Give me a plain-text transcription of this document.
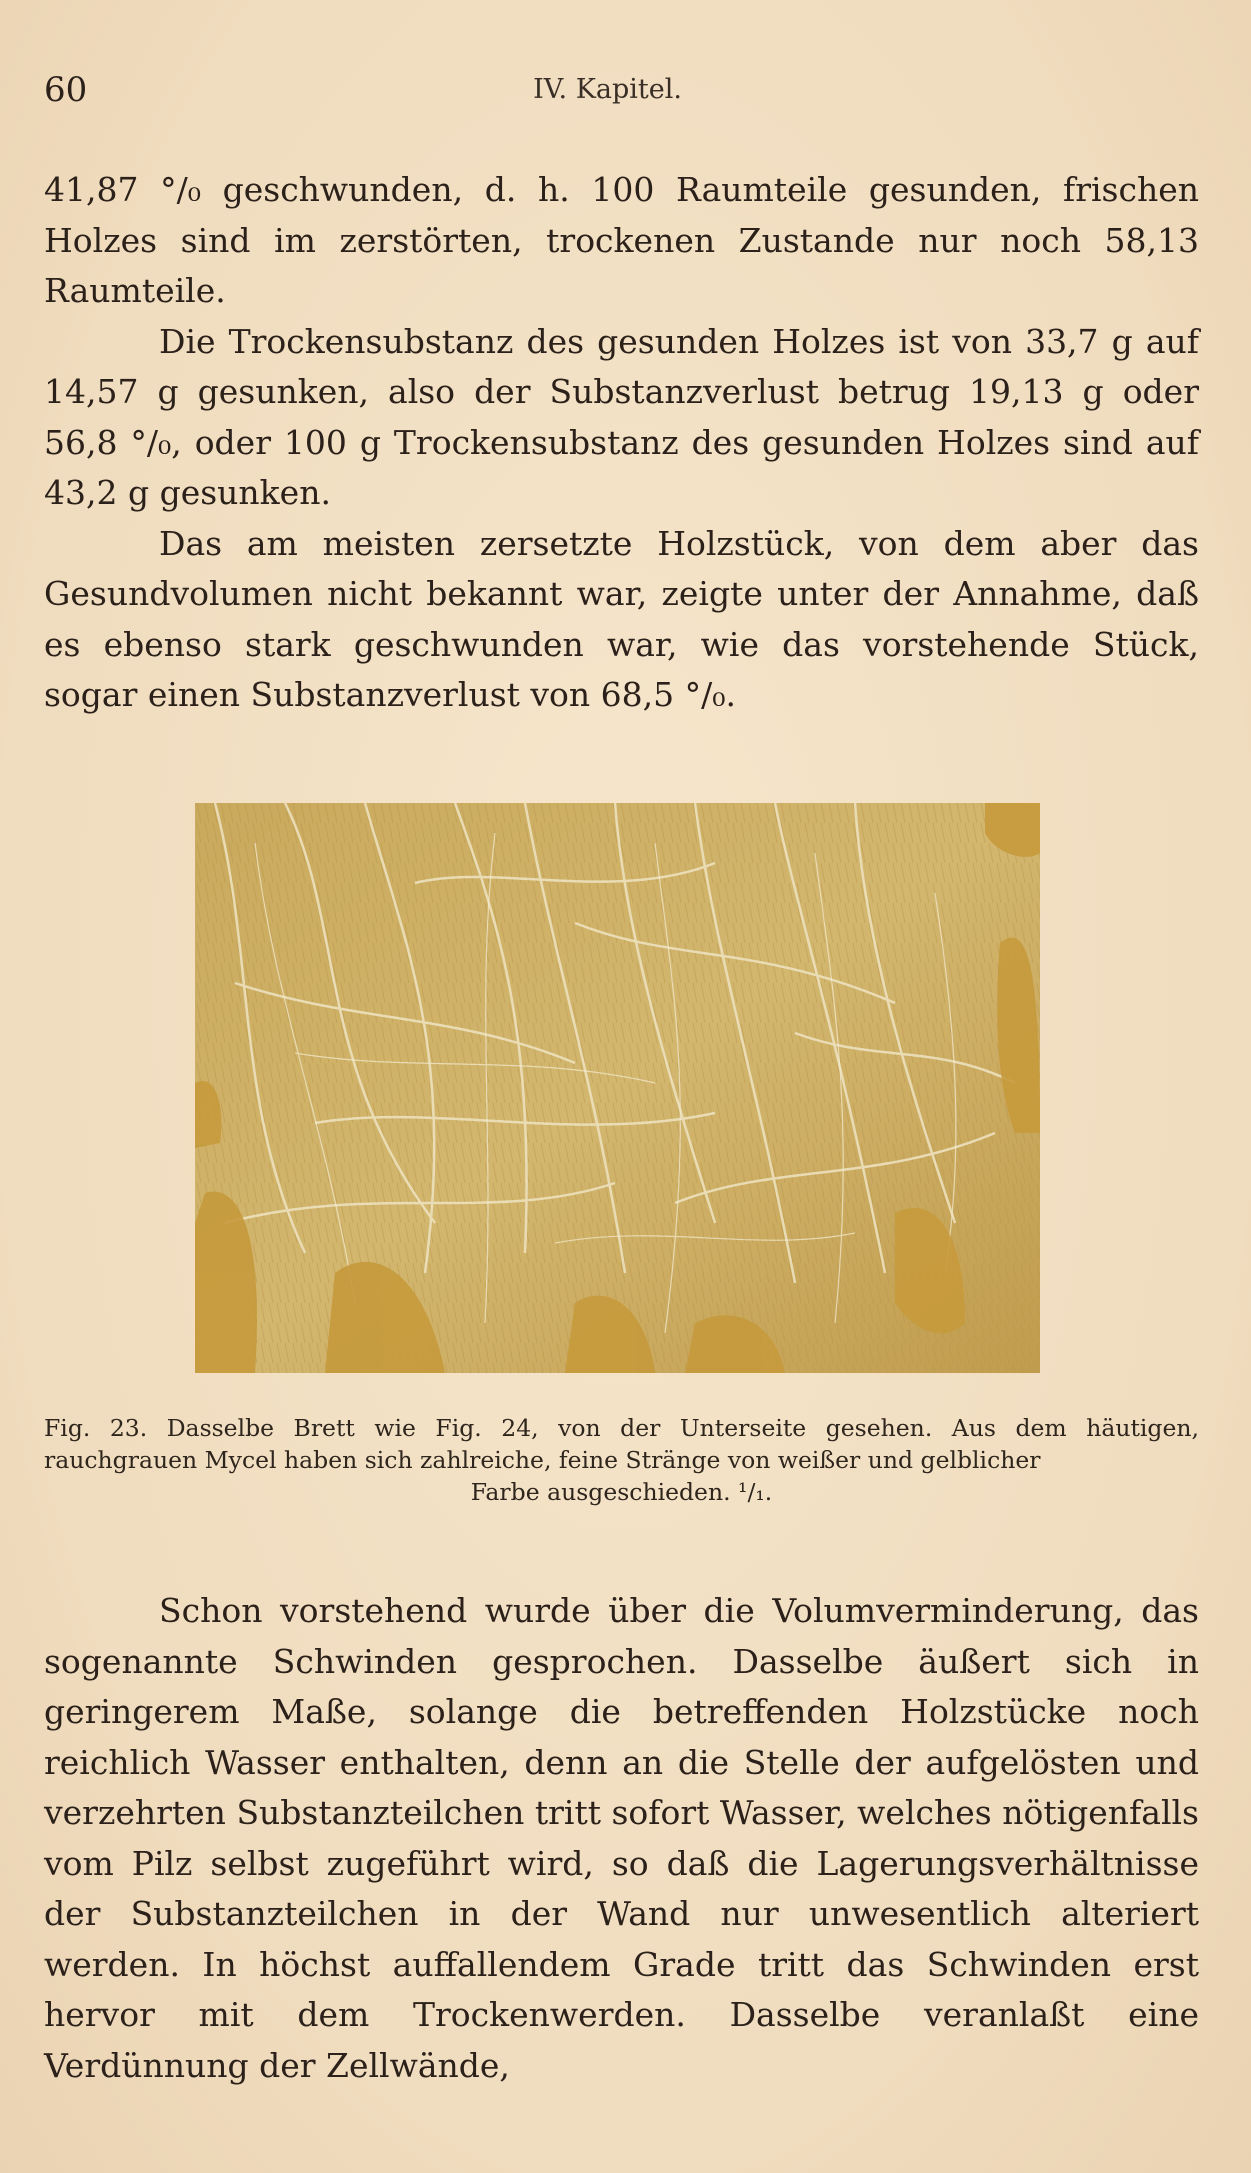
60	IV. Kapitel.

41,87 °/₀ geschwunden, d. h. 100 Raumteile gesunden, frischen Holzes sind im zerstörten, trockenen Zustande nur noch 58,13 Raumteile.

Die Trockensubstanz des gesunden Holzes ist von 33,7 g auf 14,57 g gesunken, also der Substanzverlust betrug 19,13 g oder 56,8 °/₀, oder 100 g Trockensubstanz des gesunden Holzes sind auf 43,2 g gesunken.

Das am meisten zersetzte Holzstück, von dem aber das Gesundvolumen nicht bekannt war, zeigte unter der Annahme, daß es ebenso stark geschwunden war, wie das vorstehende Stück, sogar einen Substanzverlust von 68,5 °/₀.

Fig. 23. Dasselbe Brett wie Fig. 24, von der Unterseite gesehen. Aus dem häutigen, rauchgrauen Mycel haben sich zahlreiche, feine Stränge von weißer und gelblicher
Farbe ausgeschieden. ¹/₁.

Schon vorstehend wurde über die Volumverminderung, das sogenannte Schwinden gesprochen. Dasselbe äußert sich in geringerem Maße, solange die betreffenden Holzstücke noch reichlich Wasser enthalten, denn an die Stelle der aufgelösten und verzehrten Substanzteilchen tritt sofort Wasser, welches nötigenfalls vom Pilz selbst zugeführt wird, so daß die Lagerungsverhältnisse der Substanzteilchen in der Wand nur unwesentlich alteriert werden. In höchst auffallendem Grade tritt das Schwinden erst hervor mit dem Trockenwerden. Dasselbe veranlaßt eine Verdünnung der Zellwände,
